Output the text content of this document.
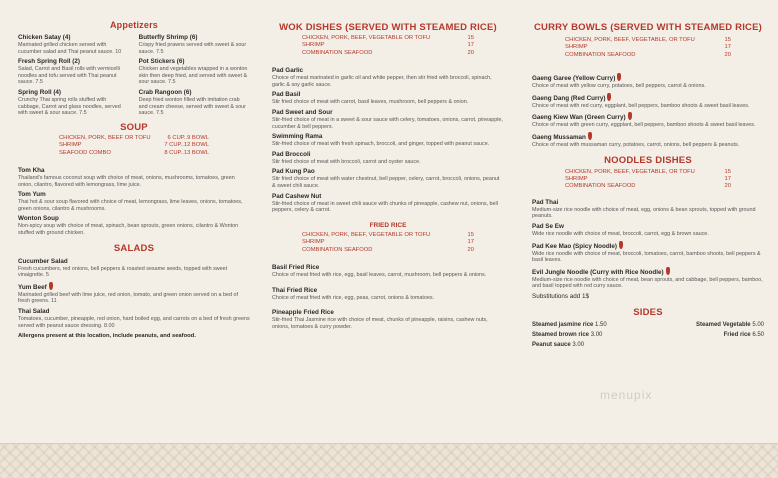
Appetizers
Chicken Satay (4)
Marinated grilled chicken served with cucumber salad and Thai peanut sauce. 10
Fresh Spring Roll (2)
Salad, Carrot and Basil rolls with vermicelli noodles and tofu served with Thai peanut sauce. 7.5
Spring Roll (4)
Crunchy Thai spring rolls stuffed with cabbage, Carrot and glass noodles, served with sweet & sour sauce. 7.5
Butterfly Shrimp (6)
Crispy fried prawns served with sweet & sour sauce. 7.5
Pot Stickers (6)
Chicken and vegetables wrapped in a wonton skin then deep fried, and served with sweet & sour sauce. 7.5
Crab Rangoon (6)
Deep fried wonton filled with imitation crab and cream cheese, served with sweet & sour sauce. 7.5
SOUP
CHICKEN, PORK, BEEF OR TOFU	6 CUP..9 BOWL
SHRIMP	7 CUP..12 BOWL
SEAFOOD COMBO	8 CUP..13 BOWL
Tom Kha
Thailand's famous coconut soup with choice of meat, onions, mushrooms, tomatoes, green onion, cilantro, flavored with lemongrass, lime juice.
Tom Yum
Thai hot & sour soup flavored with choice of meat, lemongrass, lime leaves, onions, tomatoes, green onions, cilantro & mushrooms.
Wonton Soup
Non-spicy soup with choice of meat, spinach, bean sprouts, green onions, cilantro & Wonton stuffed with ground chicken.
SALADS
Cucumber Salad
Fresh cucumbers, red onions, bell peppers & roasted sesame seeds, topped with sweet vinaigrette. 5
Yum Beef
Marinated grilled beef with lime juice, red onion, tomato, and green onion served on a bed of fresh greens. 11
Thai Salad
Tomatoes, cucumber, pineapple, red onion, hard boiled egg, and carrots on a bed of fresh greens served with peanut sauce dressing. 8.00
Allergens present at this location, include peanuts, and seafood.
WOK DISHES (SERVED WITH STEAMED RICE)
CHICKEN, PORK, BEEF, VEGETABLE OR TOFU	15
SHRIMP	17
COMBINATION SEAFOOD	20
Pad Garlic
Choice of meat marinated in garlic oil and white pepper, then stir fried with broccoli, spinach, garlic & soy garlic sauce.
Pad Basil
Stir fried choice of meat with carrot, basil leaves, mushroom, bell peppers & onion.
Pad Sweet and Sour
Stir-fried choice of meat in a sweet & sour sauce with celery, tomatoes, onions, carrot, pineapple, cucumber & bell peppers.
Swimming Rama
Stir-fried choice of meat with fresh spinach, broccoli, and ginger, topped with peanut sauce.
Pad Broccoli
Stir fried choice of meat with broccoli, carrot and oyster sauce.
Pad Kung Pao
Stir fried choice of meat with water chestnut, bell pepper, celery, carrot, broccoli, onions, peanut & sweet chili sauce.
Pad Cashew Nut
Stir-fried choice of meat in sweet chili sauce with chunks of pineapple, cashew nut, onions, bell peppers, celery & carrot.
FRIED RICE
CHICKEN, PORK, BEEF, VEGETABLE OR TOFU	15
SHRIMP	17
COMBINATION SEAFOOD	20
Basil Fried Rice
Choice of meat fried with rice, egg, basil leaves, carrot, mushroom, bell peppers & onions.
Thai Fried Rice
Choice of meat fried with rice, egg, peas, carrot, onions & tomatoes.
Pineapple Fried Rice
Stir-fried Thai Jasmine rice with choice of meat, chunks of pineapple, raisins, cashew nuts, onions, tomatoes & curry powder.
CURRY BOWLS (SERVED WITH STEAMED RICE)
CHICKEN, PORK, BEEF, VEGETABLE, OR TOFU	15
SHRIMP	17
COMBINATION SEAFOOD	20
Gaeng Garee (Yellow Curry)
Choice of meat with yellow curry, potatoes, bell peppers, carrot & onions.
Gaeng Dang (Red Curry)
Choice of meat with red curry, eggplant, bell peppers, bamboo shoots & sweet basil leaves.
Gaeng Kiew Wan (Green Curry)
Choice of meat with green curry, eggplant, bell peppers, bamboo shoots & sweet basil leaves.
Gaeng Mussaman
Choice of meat with mussaman curry, potatoes, carrot, onions, bell peppers & peanuts.
NOODLES DISHES
CHICKEN, PORK, BEEF, VEGETABLE, OR TOFU	15
SHRIMP	17
COMBINATION SEAFOOD	20
Pad Thai
Medium-size rice noodle with choice of meat, egg, onions & bean sprouts, topped with ground peanuts.
Pad Se Ew
Wide rice noodle with choice of meat, broccoli, carrot, egg & brown sauce.
Pad Kee Mao (Spicy Noodle)
Wide rice noodle with choice of meat, broccoli, tomatoes, carrot, bamboo shoots, bell peppers & basil leaves.
Evil Jungle Noodle (Curry with Rice Noodle)
Medium-size rice noodle with choice of meat, bean sprouts, and cabbage, bell peppers, bamboo, and basil topped with red curry sauce.
Substitutions add 1$
SIDES
Steamed jasmine rice 1.50	Steamed Vegetable 5.00
Steamed brown rice 3.00	Fried rice 6.50
Peanut sauce 3.00
menupix
